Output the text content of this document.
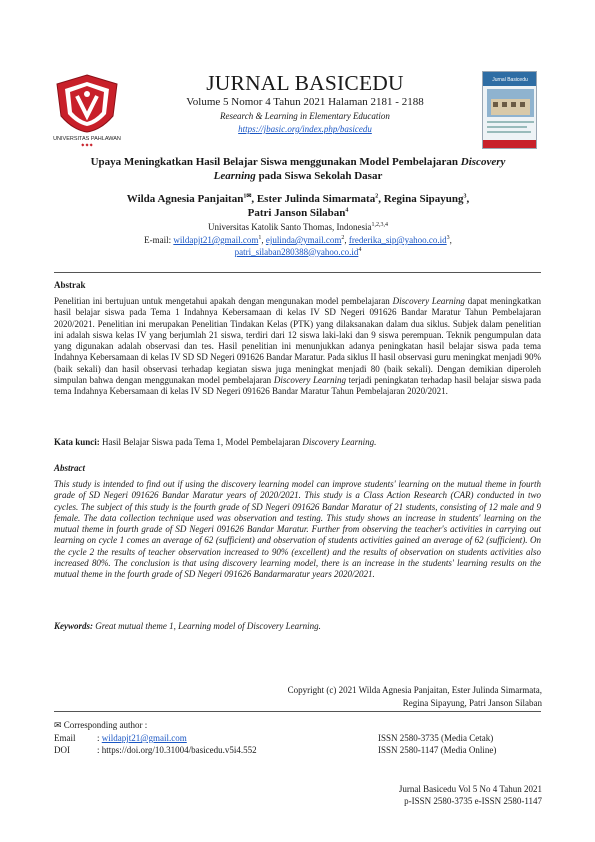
UNIVERSITAS PAHLAWAN
◆ ◆ ◆
JURNAL BASICEDU
Volume 5 Nomor 4 Tahun 2021 Halaman 2181 - 2188
Research & Learning in Elementary Education
https://jbasic.org/index.php/basicedu
Jurnal Basicedu
Upaya Meningkatkan Hasil Belajar Siswa menggunakan Model Pembelajaran Discovery Learning pada Siswa Sekolah Dasar
Wilda Agnesia Panjaitan$^{1✉}$, Ester Julinda Simarmata$^2$, Regina Sipayung$^3$,
Patri Janson Silaban$^4$
Universitas Katolik Santo Thomas, Indonesia$^{1,2,3,4}$
E-mail: wildapjt21@gmail.com$^1$, ejulinda@ymail.com$^2$, $frederika\_sip@yahoo.co.id^3$,
$patri\_silaban280388@yahoo.co.id^4$
Abstrak
Penelitian ini bertujuan untuk mengetahui apakah dengan mengunakan model pembelajaran Discovery Learning dapat meningkatkan hasil belajar siswa pada Tema 1 Indahnya Kebersamaan di kelas IV SD Negeri 091626 Bandar Maratur Tahun Pembelajaran 2020/2021. Penelitian ini merupakan Penelitian Tindakan Kelas (PTK) yang dilaksanakan dalam dua siklus. Subjek dalam penelitian ini adalah siswa kelas IV yang berjumlah 21 siswa, terdiri dari 12 siswa laki-laki dan 9 siswa perempuan. Teknik pengumpulan data yang digunakan adalah observasi dan tes. Hasil penelitian ini menunjukkan adanya peningkatan hasil belajar siswa pada tema Indahnya Kebersamaan di kelas IV SD SD Negeri 091626 Bandar Maratur. Pada siklus II hasil observasi guru meningkat menjadi 90% (baik sekali) dan hasil observasi terhadap kegiatan siswa juga meningkat menjadi 80 (baik sekali). Dengan demikian diperoleh simpulan bahwa dengan menggunakan model pembelajaran Discovery Learning terjadi peningkatan terhadap hasil belajar siswa pada tema Indahnya Kebersamaan di kelas IV SD Negeri 091626 Bandar Maratur Tahun Pembelajaran 2020/2021.
Kata kunci: Hasil Belajar Siswa pada Tema 1, Model Pembelajaran Discovery Learning.
Abstract
This study is intended to find out if using the discovery learning model can improve students' learning on the mutual theme in fourth grade of SD Negeri 091626 Bandar Maratur years of 2020/2021. This study is a Class Action Research (CAR) conducted in two cycles. The subject of this study is the fourth grade of SD Negeri 091626 Bandar Maratur of 21 students, consisting of 12 male and 9 female. The data collection technique used was observation and testing. This study shows an increase in students' learning on the mutual theme in fourth grade of SD Negeri 091626 Bandar Maratur. Further from observing the teacher's activities in carrying out learning on cycle 1 comes an average of 62 (sufficient) and observation of students activities gained an average of 62 (sufficient). On the cycle 2 the results of teacher observation increased to 90% (excellent) and the results of observation on students activities also increased 80%. The conclusion is that using discovery learning model, there is an increase in the students' learning results on the mutual theme in the fourth grade of SD Negeri 091626 Bandarmaratur years 2020/2021.
Keywords: Great mutual theme 1, Learning model of Discovery Learning.
Copyright (c) 2021 Wilda Agnesia Panjaitan, Ester Julinda Simarmata,
Regina Sipayung, Patri Janson Silaban
✉ Corresponding author :
Email : wildapjt21@gmail.com
DOI	: https://doi.org/10.31004/basicedu.v5i4.552
ISSN 2580-3735 (Media Cetak)
ISSN 2580-1147 (Media Online)
Jurnal Basicedu Vol 5 No 4 Tahun 2021
p-ISSN 2580-3735 e-ISSN 2580-1147
